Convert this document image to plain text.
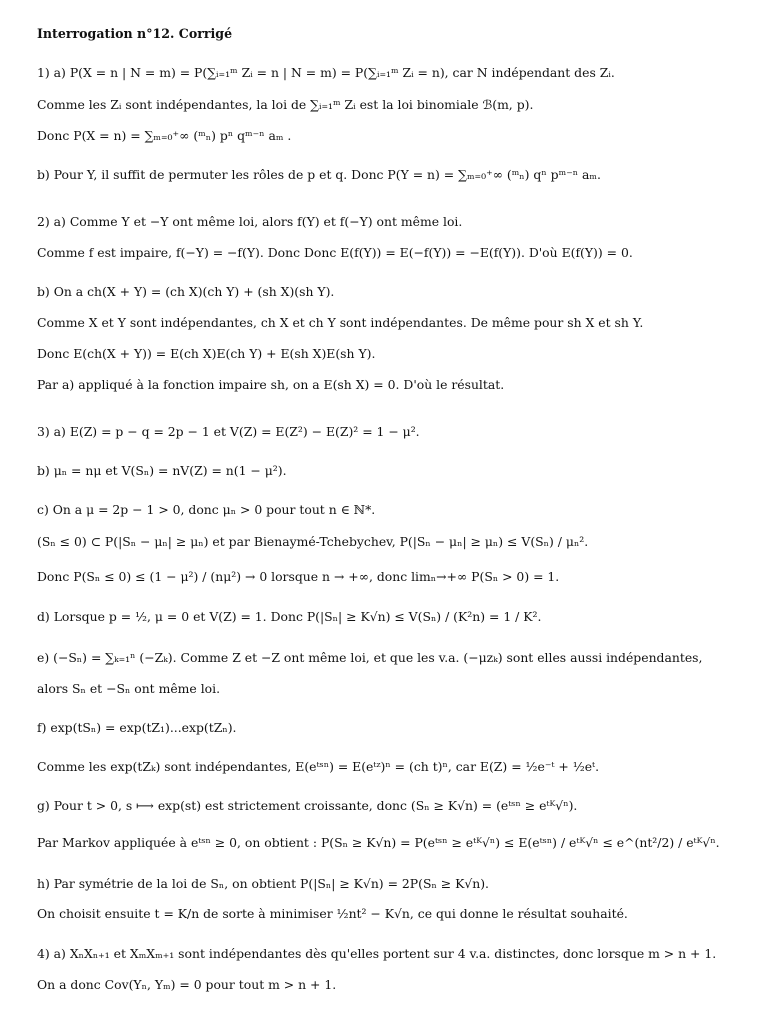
Interrogation n°12. Corrigé
1) a) P(X = n | N = m) = P(∑ᵢ₌₁ᵐ Zᵢ = n | N = m) = P(∑ᵢ₌₁ᵐ Zᵢ = n), car N indépendant des Zᵢ.
Comme les Zᵢ sont indépendantes, la loi de ∑ᵢ₌₁ᵐ Zᵢ est la loi binomiale ℬ(m, p).
Donc P(X = n) = ∑ₘ₌₀⁺∞ (ᵐₙ) pⁿ qᵐ⁻ⁿ aₘ .
b) Pour Y, il suffit de permuter les rôles de p et q. Donc P(Y = n) = ∑ₘ₌₀⁺∞ (ᵐₙ) qⁿ pᵐ⁻ⁿ aₘ.
2) a) Comme Y et −Y ont même loi, alors f(Y) et f(−Y) ont même loi.
Comme f est impaire, f(−Y) = −f(Y). Donc Donc E(f(Y)) = E(−f(Y)) = −E(f(Y)). D'où E(f(Y)) = 0.
b) On a ch(X + Y) = (ch X)(ch Y) + (sh X)(sh Y).
Comme X et Y sont indépendantes, ch X et ch Y sont indépendantes. De même pour sh X et sh Y.
Donc E(ch(X + Y)) = E(ch X)E(ch Y) + E(sh X)E(sh Y).
Par a) appliqué à la fonction impaire sh, on a E(sh X) = 0. D'où le résultat.
3) a) E(Z) = p − q = 2p − 1 et V(Z) = E(Z²) − E(Z)² = 1 − μ².
b) μₙ = nμ et V(Sₙ) = nV(Z) = n(1 − μ²).
c) On a μ = 2p − 1 > 0, donc μₙ > 0 pour tout n ∈ ℕ*.
(Sₙ ≤ 0) ⊂ P(|Sₙ − μₙ| ≥ μₙ) et par Bienaymé-Tchebychev, P(|Sₙ − μₙ| ≥ μₙ) ≤ V(Sₙ) / μₙ².
Donc P(Sₙ ≤ 0) ≤ (1 − μ²) / (nμ²) → 0 lorsque n → +∞, donc limₙ→+∞ P(Sₙ > 0) = 1.
d) Lorsque p = ½, μ = 0 et V(Z) = 1. Donc P(|Sₙ| ≥ K√n) ≤ V(Sₙ) / (K²n) = 1 / K².
e) (−Sₙ) = ∑ₖ₌₁ⁿ (−Zₖ). Comme Z et −Z ont même loi, et que les v.a. (−μzₖ) sont elles aussi indépendantes,
alors Sₙ et −Sₙ ont même loi.
f) exp(tSₙ) = exp(tZ₁)...exp(tZₙ).
Comme les exp(tZₖ) sont indépendantes, E(eᵗˢⁿ) = E(eᵗᶻ)ⁿ = (ch t)ⁿ, car E(Z) = ½e⁻ᵗ + ½eᵗ.
g) Pour t > 0, s ⟼ exp(st) est strictement croissante, donc (Sₙ ≥ K√n) = (eᵗˢⁿ ≥ eᵗᴷ√ⁿ).
Par Markov appliquée à eᵗˢⁿ ≥ 0, on obtient : P(Sₙ ≥ K√n) = P(eᵗˢⁿ ≥ eᵗᴷ√ⁿ) ≤ E(eᵗˢⁿ) / eᵗᴷ√ⁿ ≤ e^(nt²/2) / eᵗᴷ√ⁿ.
h) Par symétrie de la loi de Sₙ, on obtient P(|Sₙ| ≥ K√n) = 2P(Sₙ ≥ K√n).
On choisit ensuite t = K/n de sorte à minimiser ½nt² − K√n, ce qui donne le résultat souhaité.
4) a) XₙXₙ₊₁ et XₘXₘ₊₁ sont indépendantes dès qu'elles portent sur 4 v.a. distinctes, donc lorsque m > n + 1.
On a donc Cov(Yₙ, Yₘ) = 0 pour tout m > n + 1.
